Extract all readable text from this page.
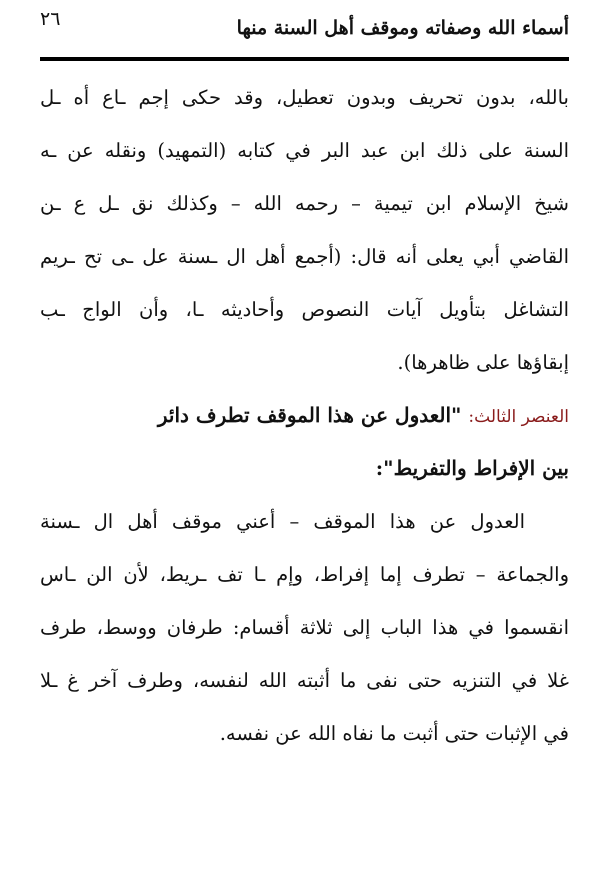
٢٦	أسماء الله وصفاته وموقف أهل السنة منها
بالله، بدون تحريف وبدون تعطيل، وقد حكى إجم ـاع أه ـل
السنة على ذلك ابن عبد البر في كتابه (التمهيد) ونقله عن ـه
شيخ الإسلام ابن تيمية – رحمه الله – وكذلك نق ـل ع ـن
القاضي أبي يعلى أنه قال: (أجمع أهل ال ـسنة عل ـى تح ـريم
التشاغل بتأويل آيات النصوص وأحاديثه ـا، وأن الواج ـب
إبقاؤها على ظاهرها).
العنصر الثالث: "العدول عن هذا الموقف تطرف دائر
بين الإفراط والتفريط":
العدول عن هذا الموقف – أعني موقف أهل ال ـسنة
والجماعة – تطرف إما إفراط، وإم ـا تف ـريط، لأن الن ـاس
انقسموا في هذا الباب إلى ثلاثة أقسام: طرفان ووسط، طرف
غلا في التنزيه حتى نفى ما أثبته الله لنفسه، وطرف آخر غ ـلا
في الإثبات حتى أثبت ما نفاه الله عن نفسه.
